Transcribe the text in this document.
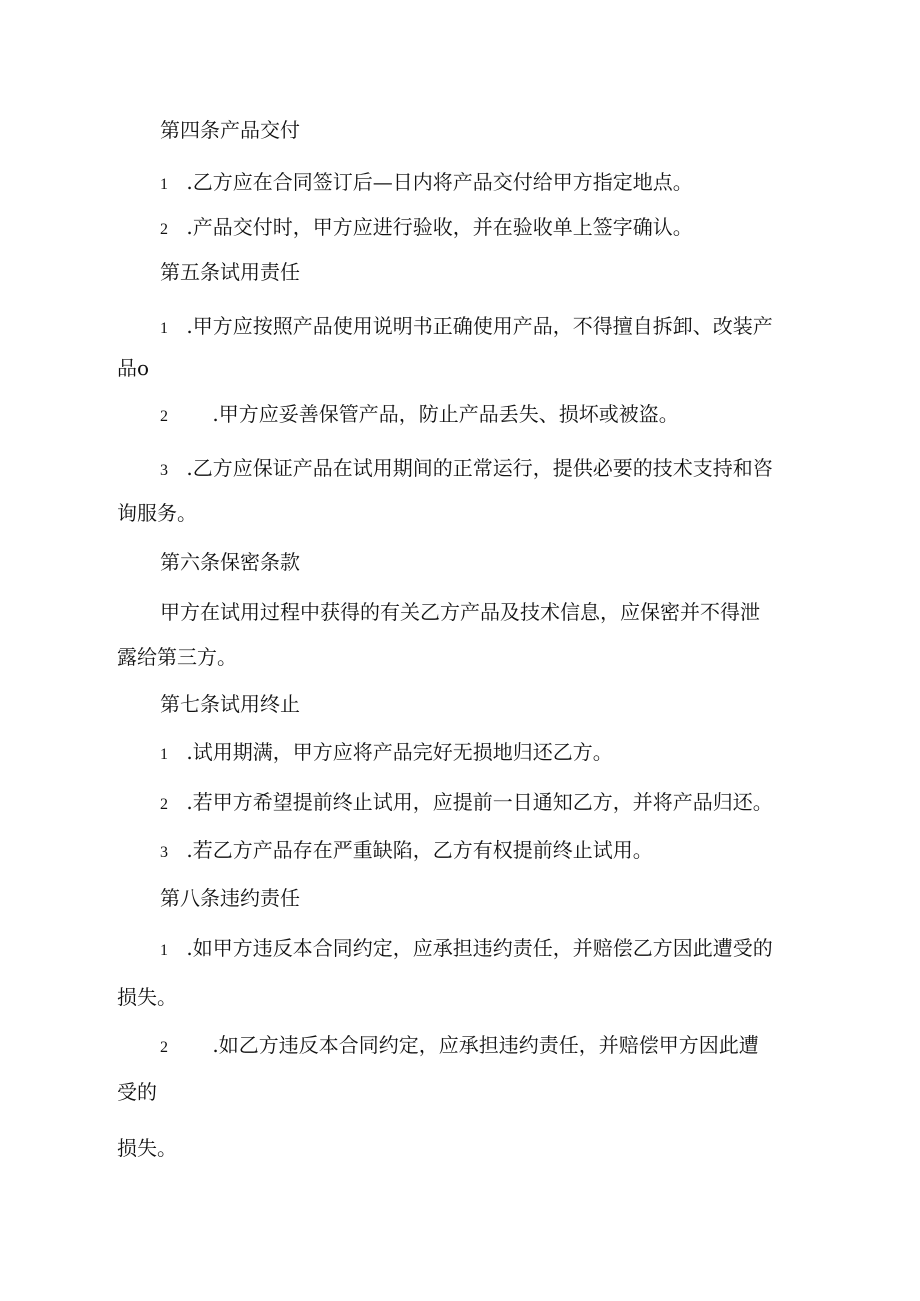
第四条产品交付
1 .乙方应在合同签订后—日内将产品交付给甲方指定地点。
2 .产品交付时，甲方应进行验收，并在验收单上签字确认。
第五条试用责任
1 .甲方应按照产品使用说明书正确使用产品，不得擅自拆卸、改装产
品o
2 .甲方应妥善保管产品，防止产品丢失、损坏或被盗。
3 .乙方应保证产品在试用期间的正常运行，提供必要的技术支持和咨
询服务。
第六条保密条款
甲方在试用过程中获得的有关乙方产品及技术信息，应保密并不得泄
露给第三方。
第七条试用终止
1 .试用期满，甲方应将产品完好无损地归还乙方。
2 .若甲方希望提前终止试用，应提前一日通知乙方，并将产品归还。
3 .若乙方产品存在严重缺陷，乙方有权提前终止试用。
第八条违约责任
1 .如甲方违反本合同约定，应承担违约责任，并赔偿乙方因此遭受的
损失。
2 .如乙方违反本合同约定，应承担违约责任，并赔偿甲方因此遭
受的
损失。
